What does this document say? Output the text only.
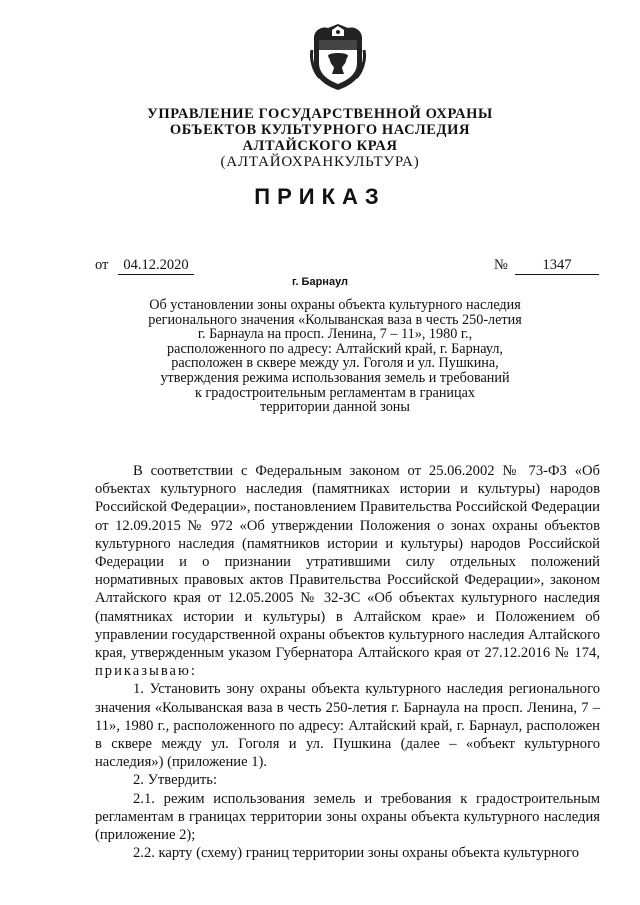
УПРАВЛЕНИЕ ГОСУДАРСТВЕННОЙ ОХРАНЫ
ОБЪЕКТОВ КУЛЬТУРНОГО НАСЛЕДИЯ
АЛТАЙСКОГО КРАЯ
(АЛТАЙОХРАНКУЛЬТУРА)
ПРИКАЗ
от	04.12.2020	№	1347
г. Барнаул
Об установлении зоны охраны объекта культурного наследия
регионального значения «Колыванская ваза в честь 250-летия
г. Барнаула на просп. Ленина, 7 – 11», 1980 г.,
расположенного по адресу: Алтайский край, г. Барнаул,
расположен в сквере между ул. Гоголя и ул. Пушкина,
утверждения режима использования земель и требований
к градостроительным регламентам в границах
территории данной зоны

В соответствии с Федеральным законом от 25.06.2002 № 73-ФЗ «Об объектах культурного наследия (памятниках истории и культуры) народов Российской Федерации», постановлением Правительства Российской Федерации от 12.09.2015 № 972 «Об утверждении Положения о зонах охраны объектов культурного наследия (памятников истории и культуры) народов Российской Федерации и о признании утратившими силу отдельных положений нормативных правовых актов Правительства Российской Федерации», законом Алтайского края от 12.05.2005 № 32-ЗС «Об объектах культурного наследия (памятниках истории и культуры) в Алтайском крае» и Положением об управлении государственной охраны объектов культурного наследия Алтайского края, утвержденным указом Губернатора Алтайского края от 27.12.2016 № 174, приказываю:

1. Установить зону охраны объекта культурного наследия регионального значения «Колыванская ваза в честь 250-летия г. Барнаула на просп. Ленина, 7 – 11», 1980 г., расположенного по адресу: Алтайский край, г. Барнаул, расположен в сквере между ул. Гоголя и ул. Пушкина (далее – «объект культурного наследия») (приложение 1).

2. Утвердить:

2.1. режим использования земель и требования к градостроительным регламентам в границах территории зоны охраны объекта культурного наследия (приложение 2);

2.2. карту (схему) границ территории зоны охраны объекта культурного
